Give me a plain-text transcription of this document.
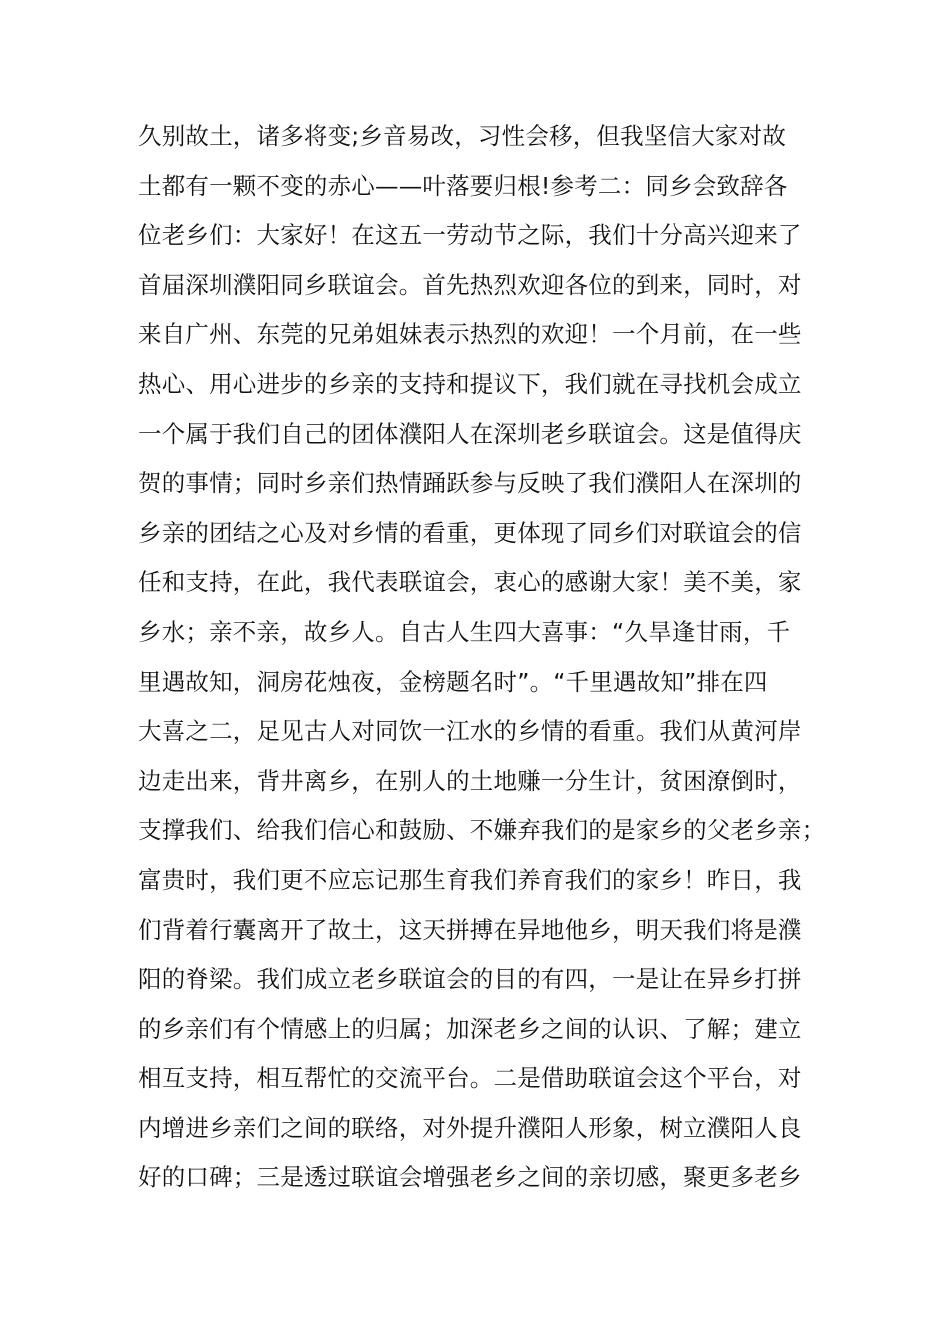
久别故土，诸多将变;乡音易改，习性会移，但我坚信大家对故
土都有一颗不变的赤心——叶落要归根!参考二：同乡会致辞各
位老乡们：大家好！在这五一劳动节之际，我们十分高兴迎来了
首届深圳濮阳同乡联谊会。首先热烈欢迎各位的到来，同时，对
来自广州、东莞的兄弟姐妹表示热烈的欢迎！一个月前，在一些
热心、用心进步的乡亲的支持和提议下，我们就在寻找机会成立
一个属于我们自己的团体濮阳人在深圳老乡联谊会。这是值得庆
贺的事情；同时乡亲们热情踊跃参与反映了我们濮阳人在深圳的
乡亲的团结之心及对乡情的看重，更体现了同乡们对联谊会的信
任和支持，在此，我代表联谊会，衷心的感谢大家！美不美，家
乡水；亲不亲，故乡人。自古人生四大喜事：“久旱逢甘雨，千
里遇故知，洞房花烛夜，金榜题名时”。“千里遇故知”排在四
大喜之二，足见古人对同饮一江水的乡情的看重。我们从黄河岸
边走出来，背井离乡，在别人的土地赚一分生计，贫困潦倒时，
支撑我们、给我们信心和鼓励、不嫌弃我们的是家乡的父老乡亲；
富贵时，我们更不应忘记那生育我们养育我们的家乡！昨日，我
们背着行囊离开了故土，这天拼搏在异地他乡，明天我们将是濮
阳的脊梁。我们成立老乡联谊会的目的有四，一是让在异乡打拼
的乡亲们有个情感上的归属；加深老乡之间的认识、了解；建立
相互支持，相互帮忙的交流平台。二是借助联谊会这个平台，对
内增进乡亲们之间的联络，对外提升濮阳人形象，树立濮阳人良
好的口碑；三是透过联谊会增强老乡之间的亲切感，聚更多老乡
